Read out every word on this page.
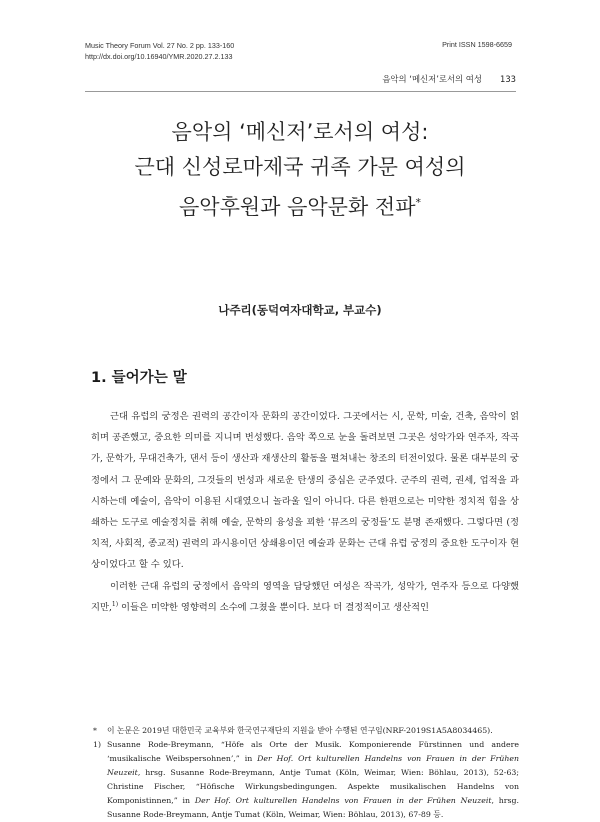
Music Theory Forum Vol. 27 No. 2 pp. 133-160
http://dx.doi.org/10.16940/YMR.2020.27.2.133
Print ISSN 1598-6659
음악의 ‘메신저’로서의 여성 133
음악의 ‘메신저’로서의 여성:
근대 신성로마제국 귀족 가문 여성의
음악후원과 음악문화 전파*
나주리(동덕여자대학교, 부교수)
1. 들어가는 말

근대 유럽의 궁정은 권력의 공간이자 문화의 공간이었다. 그곳에서는 시, 문학, 미술, 건축, 음악이 얽히며 공존했고, 중요한 의미를 지니며 번성했다. 음악 쪽으로 눈을 돌려보면 그곳은 성악가와 연주자, 작곡가, 문학가, 무대건축가, 댄서 등이 생산과 재생산의 활동을 펼쳐내는 창조의 터전이었다. 물론 대부분의 궁정에서 그 문예와 문화의, 그것들의 번성과 새로운 탄생의 중심은 군주였다. 군주의 권력, 권세, 업적을 과시하는데 예술이, 음악이 이용된 시대였으니 놀라울 일이 아니다. 다른 한편으로는 미약한 정치적 힘을 상쇄하는 도구로 예술정치를 취해 예술, 문학의 융성을 꾀한 ‘뮤즈의 궁정들’도 분명 존재했다. 그렇다면 (정치적, 사회적, 종교적) 권력의 과시용이던 상쇄용이던 예술과 문화는 근대 유럽 궁정의 중요한 도구이자 현상이었다고 할 수 있다.

이러한 근대 유럽의 궁정에서 음악의 영역을 담당했던 여성은 작곡가, 성악가, 연주자 등으로 다양했지만,$^{1)}$ 이들은 미약한 영향력의 소수에 그쳤을 뿐이다. 보다 더 결정적이고 생산적인

*	이 논문은 2019년 대한민국 교육부와 한국연구재단의 지원을 받아 수행된 연구임(NRF-2019S1A5A8034465).
1) Susanne Rode-Breymann, “Höfe als Orte der Musik. Komponierende Fürstinnen und andere ‘musikalische Weibspersohnen’,” in Der Hof. Ort kulturellen Handelns von Frauen in der Frühen Neuzeit, hrsg. Susanne Rode-Breymann, Antje Tumat (Köln, Weimar, Wien: Böhlau, 2013), 52-63; Christine Fischer, “Höfische Wirkungsbedingungen. Aspekte musikalischen Handelns von Komponistinnen,” in Der Hof. Ort kulturellen Handelns von Frauen in der Frühen Neuzeit, hrsg. Susanne Rode-Breymann, Antje Tumat (Köln, Weimar, Wien: Böhlau, 2013), 67-89 등.
